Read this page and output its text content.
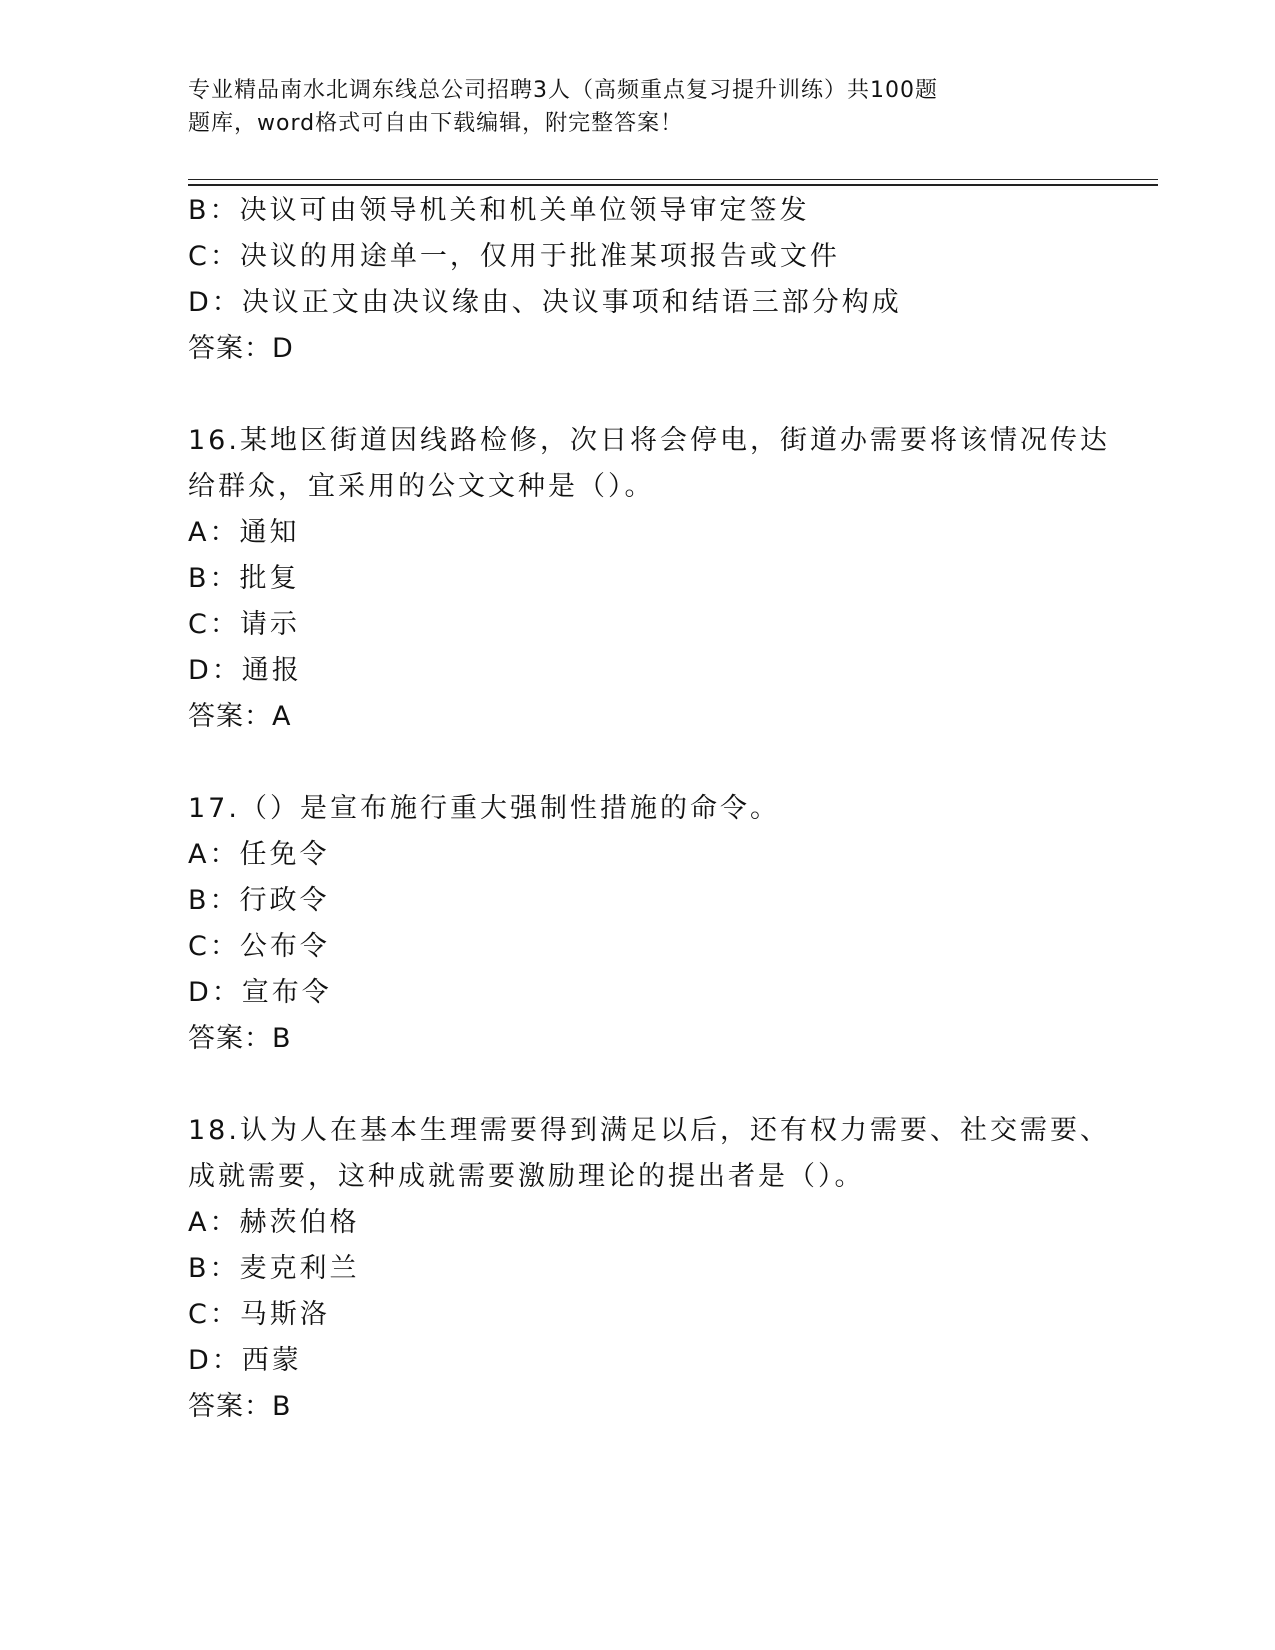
专业精品南水北调东线总公司招聘3人（高频重点复习提升训练）共100题
题库，word格式可自由下载编辑，附完整答案！
B：决议可由领导机关和机关单位领导审定签发
C：决议的用途单一，仅用于批准某项报告或文件
D：决议正文由决议缘由、决议事项和结语三部分构成
答案：D
16.某地区街道因线路检修，次日将会停电，街道办需要将该情况传达
给群众，宜采用的公文文种是（）。
A：通知
B：批复
C：请示
D：通报
答案：A
17.（）是宣布施行重大强制性措施的命令。
A：任免令
B：行政令
C：公布令
D：宣布令
答案：B
18.认为人在基本生理需要得到满足以后，还有权力需要、社交需要、
成就需要，这种成就需要激励理论的提出者是（）。
A：赫茨伯格
B：麦克利兰
C：马斯洛
D：西蒙
答案：B
